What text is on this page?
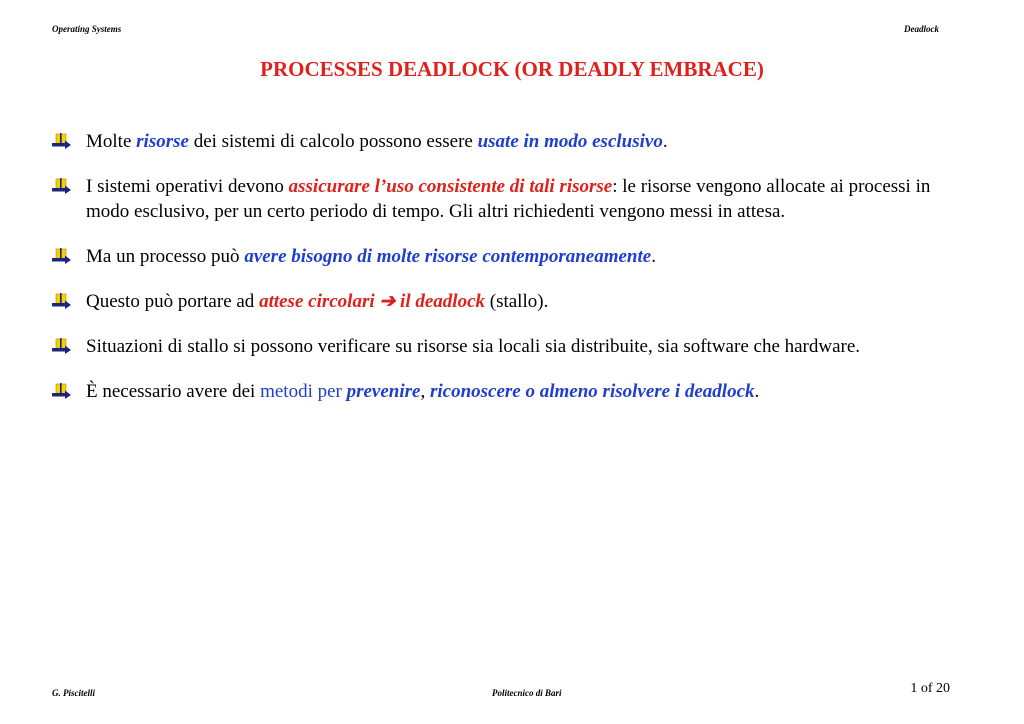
Operating Systems	Deadlock
PROCESSES DEADLOCK (OR DEADLY EMBRACE)
Molte risorse dei sistemi di calcolo possono essere usate in modo esclusivo.
I sistemi operativi devono assicurare l’uso consistente di tali risorse: le risorse vengono allocate ai processi in modo esclusivo, per un certo periodo di tempo. Gli altri richiedenti vengono messi in attesa.
Ma un processo può avere bisogno di molte risorse contemporaneamente.
Questo può portare ad attese circolari ➔ il deadlock (stallo).
Situazioni di stallo si possono verificare su risorse sia locali sia distribuite, sia software che hardware.
È necessario avere dei metodi per prevenire, riconoscere o almeno risolvere i deadlock.
G. Piscitelli	Politecnico di Bari	1 of 20
